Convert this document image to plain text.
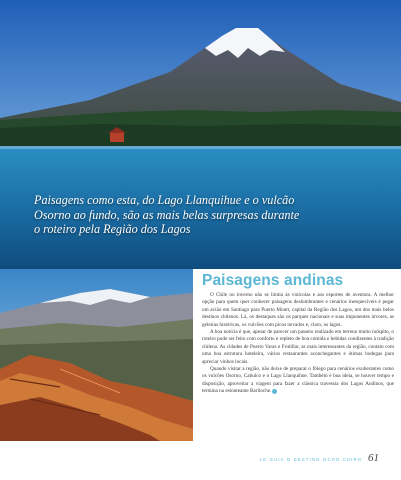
Paisagens como esta, do Lago Llanquihue e o vulcão Osorno ao fundo, são as mais belas surpresas durante o roteiro pela Região dos Lagos
Paisagens andinas

O Chile no inverno não se limita às vinícolas e aos esportes de aventura. A melhor opção para quem quer conhecer paisagens deslumbrantes e cenários inesquecíveis é pegar um avião em Santiago para Puerto Montt, capital da Região dos Lagos, um dos mais belos destinos chilenos. Lá, os destaques são os parques nacionais e suas imponentes árvores, as geleiras históricas, os vulcões com picos nevados e, claro, os lagos.

A boa notícia é que, apesar de parecer um passeio realizado em terreno muito inóspito, o roteiro pode ser feito com conforto e repleto de boa comida e bebidas condizentes à tradição chilena. As cidades de Puerto Varas e Frutillar, as mais interessantes da região, contam com uma boa estrutura hoteleira, vários restaurantes aconchegantes e ótimas bodegas para apreciar vinhos locais.

Quando visitar a região, não deixe de preparar o fôlego para cenários exuberantes como os vulcões Osorno, Cabulco e o Lago Llanquihue. Também é boa ideia, se houver tempo e disposição, aproveitar a viagem para fazer a clássica travessia dos Lagos Andinos, que termina na estonteante Bariloche.

LE GUIA O DESTINO OCHO CHIRN 61
